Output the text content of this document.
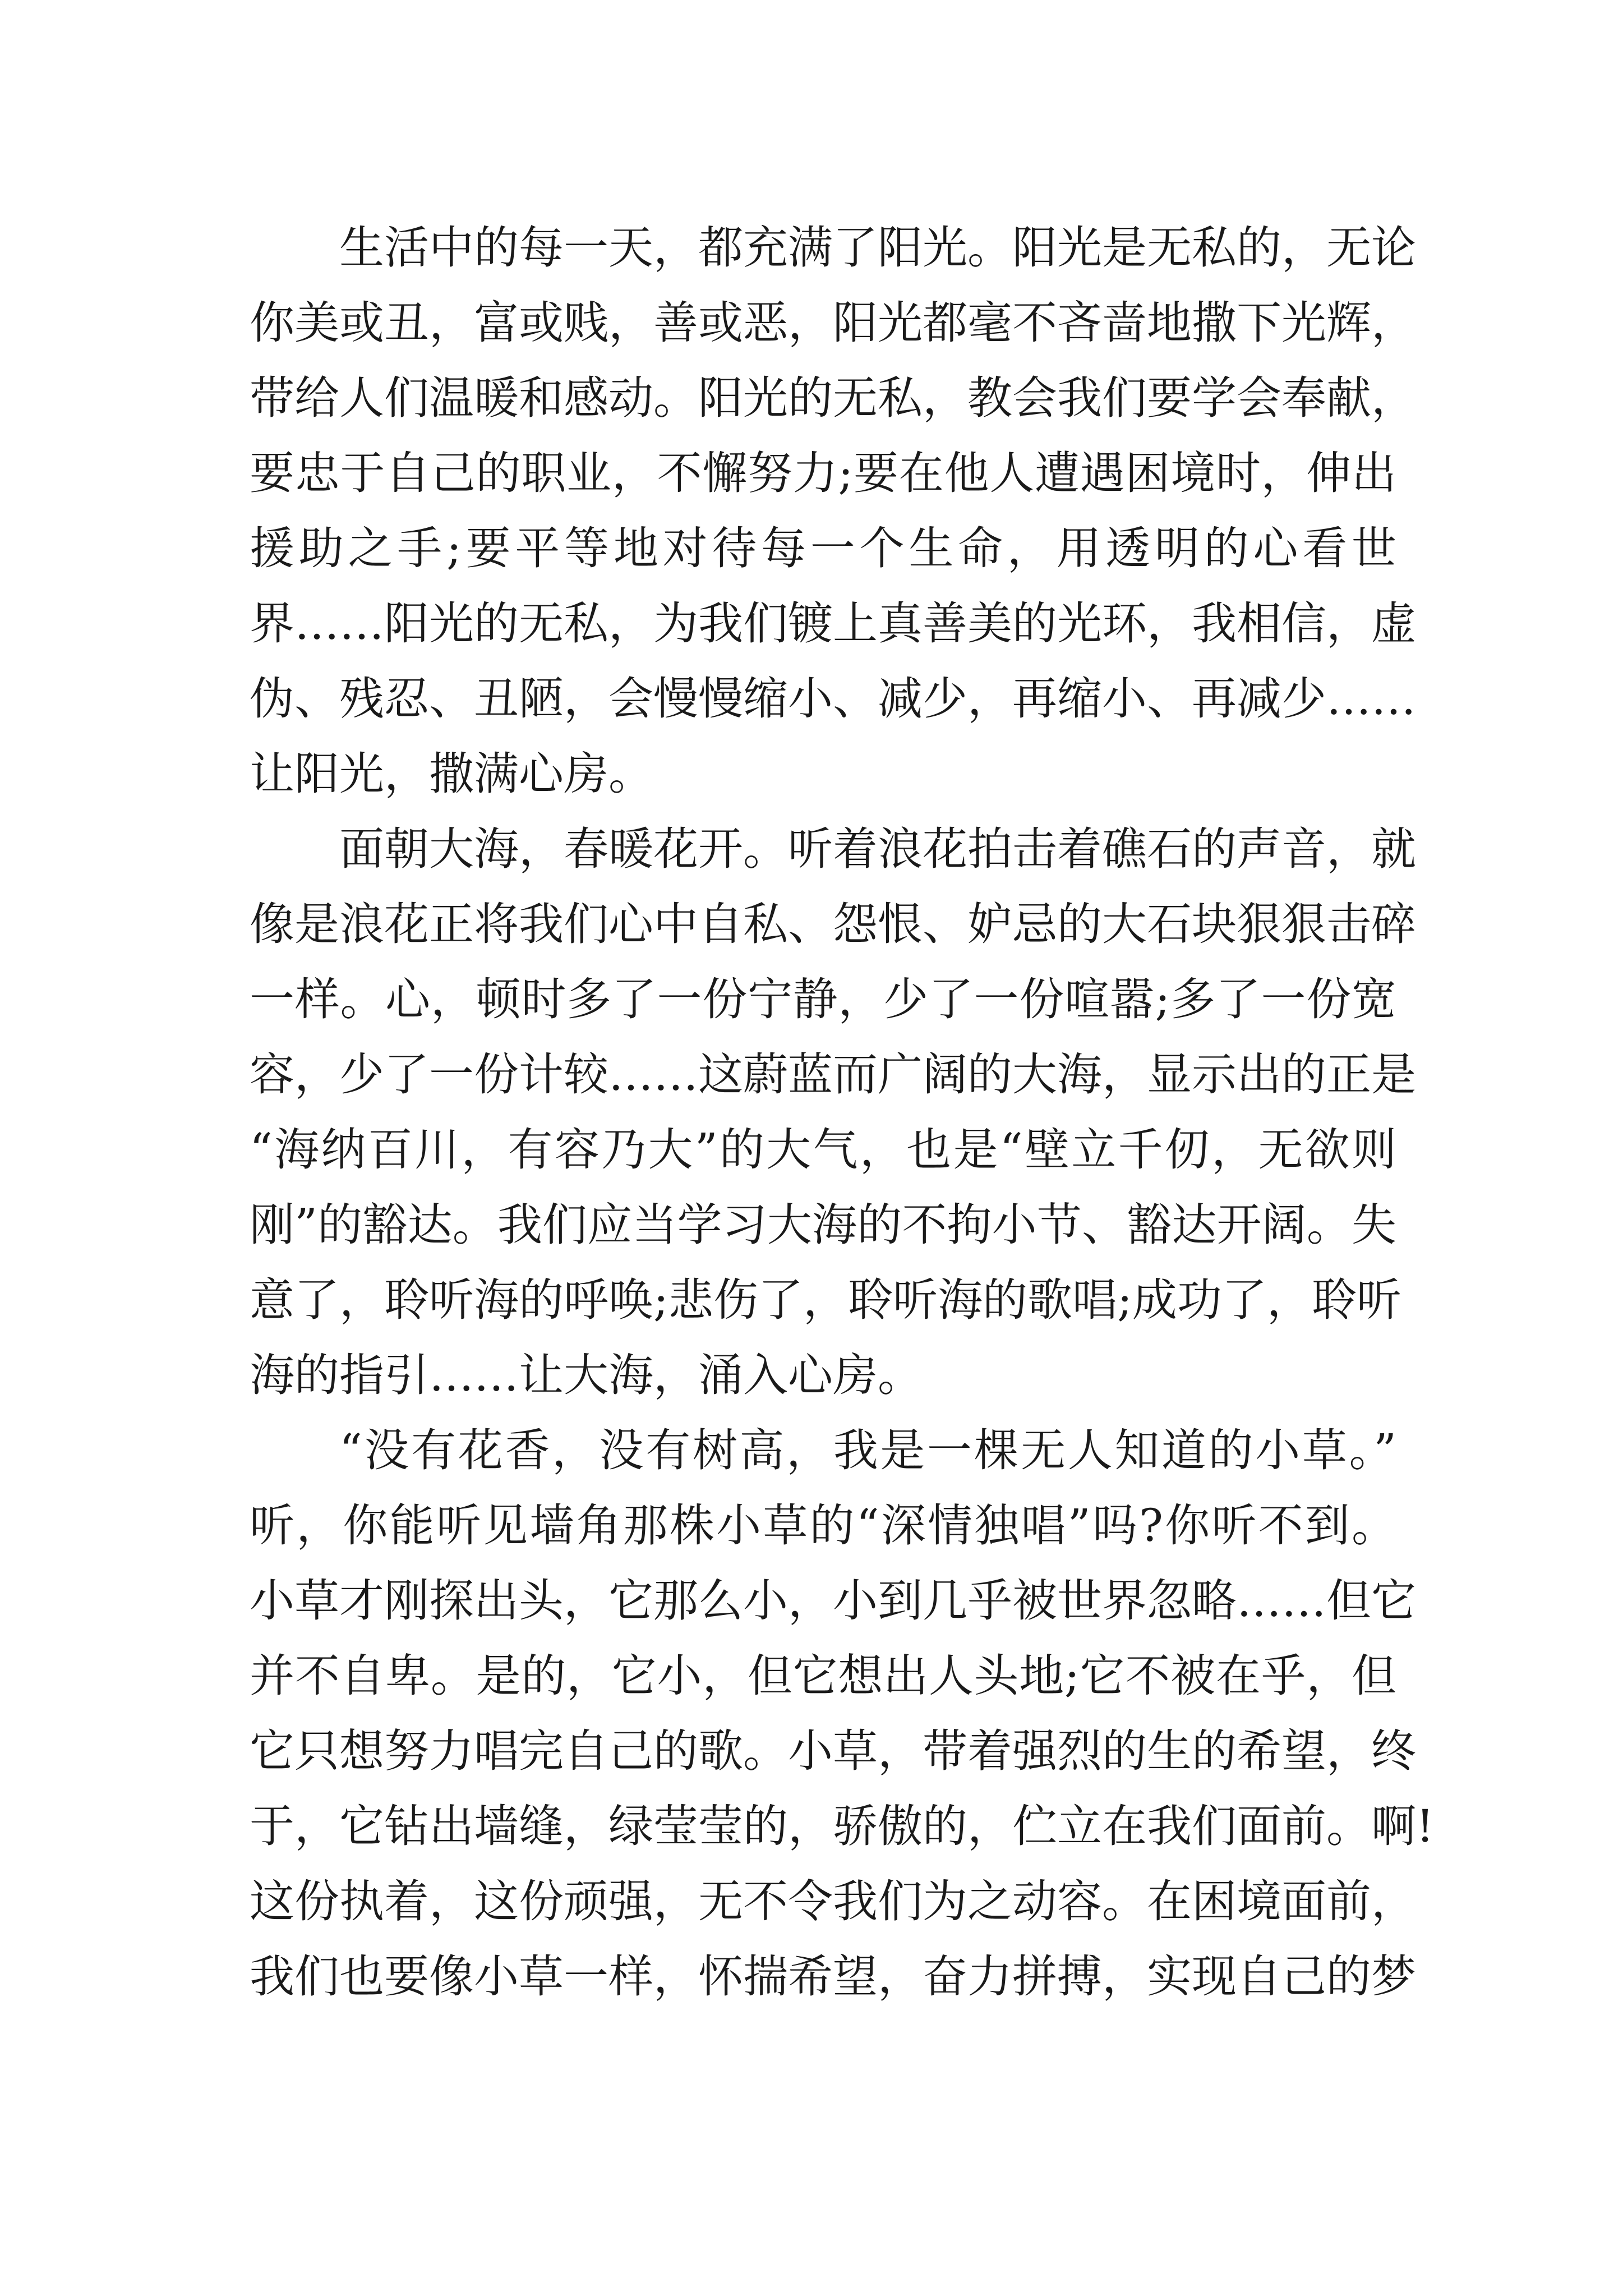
生活中的每一天，都充满了阳光。阳光是无私的，无论
你美或丑，富或贱，善或恶，阳光都毫不吝啬地撒下光辉，
带给人们温暖和感动。阳光的无私，教会我们要学会奉献，
要忠于自己的职业，不懈努力;要在他人遭遇困境时，伸出
援助之手;要平等地对待每一个生命，用透明的心看世
界……阳光的无私，为我们镀上真善美的光环，我相信，虚
伪、残忍、丑陋，会慢慢缩小、减少，再缩小、再减少……
让阳光，撒满心房。
面朝大海，春暖花开。听着浪花拍击着礁石的声音，就
像是浪花正将我们心中自私、怨恨、妒忌的大石块狠狠击碎
一样。心，顿时多了一份宁静，少了一份喧嚣;多了一份宽
容，少了一份计较……这蔚蓝而广阔的大海，显示出的正是
“海纳百川，有容乃大”的大气，也是“壁立千仞，无欲则
刚”的豁达。我们应当学习大海的不拘小节、豁达开阔。失
意了，聆听海的呼唤;悲伤了，聆听海的歌唱;成功了，聆听
海的指引……让大海，涌入心房。
“没有花香，没有树高，我是一棵无人知道的小草。”
听，你能听见墙角那株小草的“深情独唱”吗?你听不到。
小草才刚探出头，它那么小，小到几乎被世界忽略……但它
并不自卑。是的，它小，但它想出人头地;它不被在乎，但
它只想努力唱完自己的歌。小草，带着强烈的生的希望，终
于，它钻出墙缝，绿莹莹的，骄傲的，伫立在我们面前。啊!
这份执着，这份顽强，无不令我们为之动容。在困境面前，
我们也要像小草一样，怀揣希望，奋力拼搏，实现自己的梦
